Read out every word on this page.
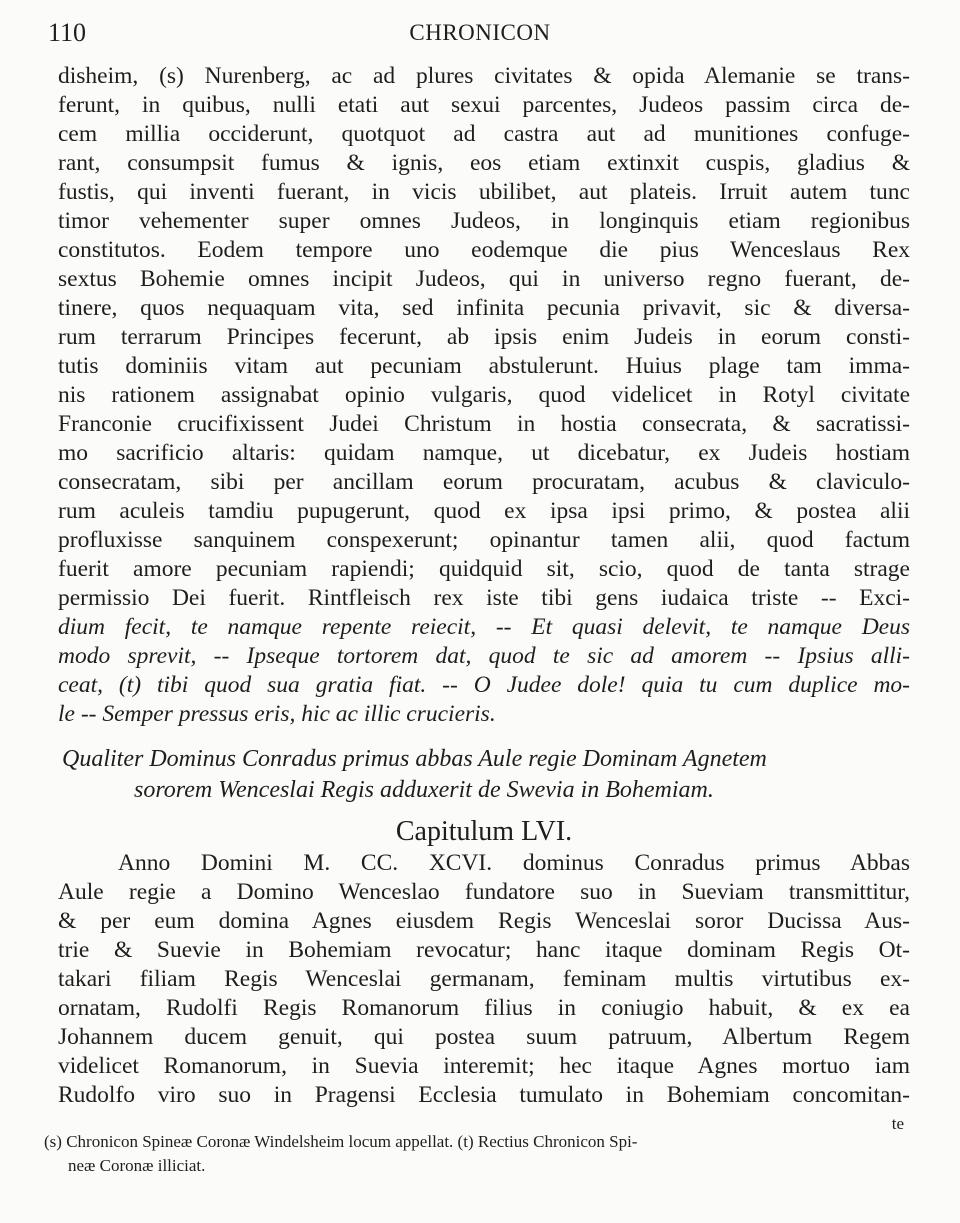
110	CHRONICON
disheim, (s) Nurenberg, ac ad plures civitates & opida Alemanie se trans-
ferunt, in quibus, nulli etati aut sexui parcentes, Judeos passim circa de-
cem millia occiderunt, quotquot ad castra aut ad munitiones confuge-
rant, consumpsit fumus & ignis, eos etiam extinxit cuspis, gladius &
fustis, qui inventi fuerant, in vicis ubilibet, aut plateis. Irruit autem tunc
timor vehementer super omnes Judeos, in longinquis etiam regionibus
constitutos. Eodem tempore uno eodemque die pius Wenceslaus Rex
sextus Bohemie omnes incipit Judeos, qui in universo regno fuerant, de-
tinere, quos nequaquam vita, sed infinita pecunia privavit, sic & diversa-
rum terrarum Principes fecerunt, ab ipsis enim Judeis in eorum consti-
tutis dominiis vitam aut pecuniam abstulerunt. Huius plage tam imma-
nis rationem assignabat opinio vulgaris, quod videlicet in Rotyl civitate
Franconie crucifixissent Judei Christum in hostia consecrata, & sacratissi-
mo sacrificio altaris: quidam namque, ut dicebatur, ex Judeis hostiam
consecratam, sibi per ancillam eorum procuratam, acubus & claviculo-
rum aculeis tamdiu pupugerunt, quod ex ipsa ipsi primo, & postea alii
profluxisse sanquinem conspexerunt; opinantur tamen alii, quod factum
fuerit amore pecuniam rapiendi; quidquid sit, scio, quod de tanta strage
permissio Dei fuerit. Rintfleisch rex iste tibi gens iudaica triste -- Exci-
dium fecit, te namque repente reiecit, -- Et quasi delevit, te namque Deus
modo sprevit, -- Ipseque tortorem dat, quod te sic ad amorem -- Ipsius alli-
ceat, (t) tibi quod sua gratia fiat. -- O Judee dole! quia tu cum duplice mo-
le -- Semper pressus eris, hic ac illic crucieris.
Qualiter Dominus Conradus primus abbas Aule regie Dominam Agnetem
sororem Wenceslai Regis adduxerit de Swevia in Bohemiam.
Capitulum LVI.
Anno Domini M. CC. XCVI. dominus Conradus primus Abbas
Aule regie a Domino Wenceslao fundatore suo in Sueviam transmittitur,
& per eum domina Agnes eiusdem Regis Wenceslai soror Ducissa Aus-
trie & Suevie in Bohemiam revocatur; hanc itaque dominam Regis Ot-
takari filiam Regis Wenceslai germanam, feminam multis virtutibus ex-
ornatam, Rudolfi Regis Romanorum filius in coniugio habuit, & ex ea
Johannem ducem genuit, qui postea suum patruum, Albertum Regem
videlicet Romanorum, in Suevia interemit; hec itaque Agnes mortuo iam
Rudolfo viro suo in Pragensi Ecclesia tumulato in Bohemiam concomitan-
te
(s) Chronicon Spineæ Coronæ Windelsheim locum appellat. (t) Rectius Chronicon Spi-
neæ Coronæ illiciat.
